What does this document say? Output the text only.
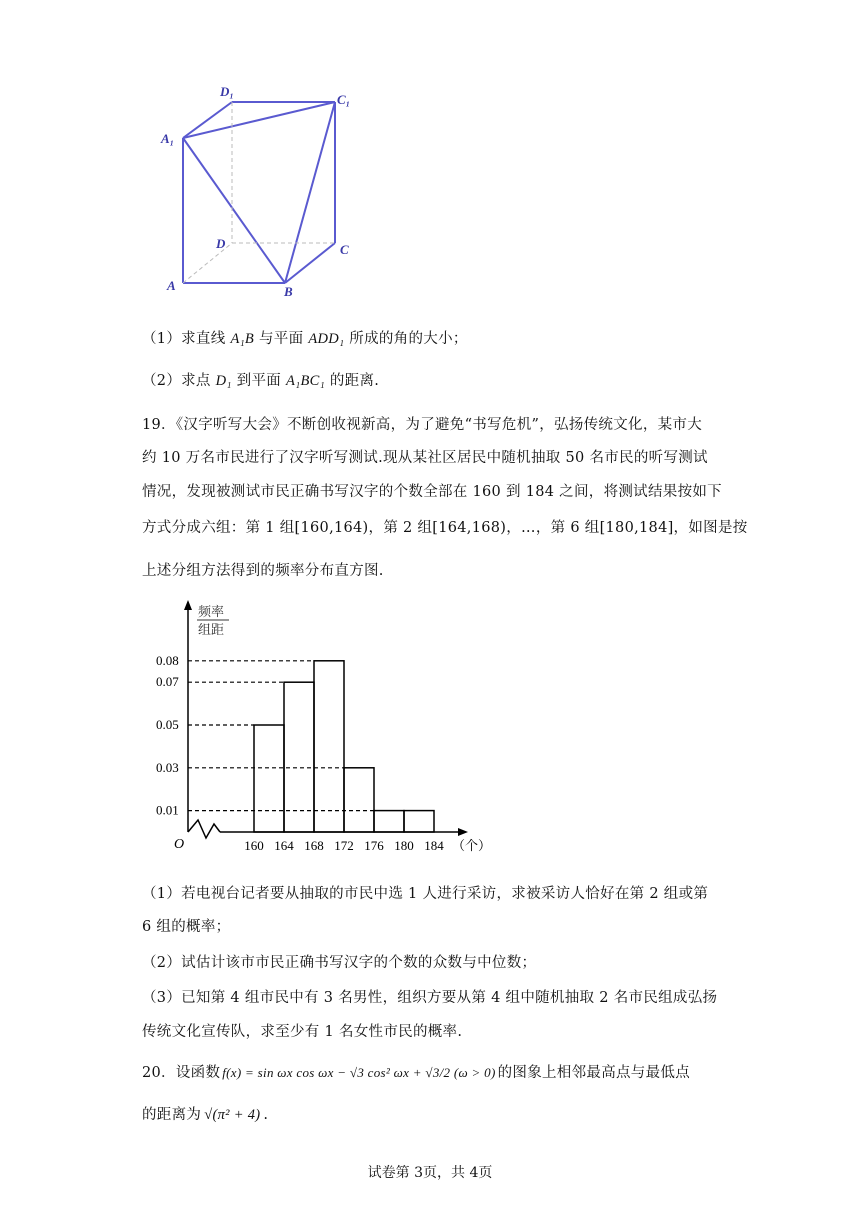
D₁
C₁
A₁
D	C
A	B
（1）求直线 A₁B 与平面 ADD₁ 所成的角的大小；
（2）求点 D₁ 到平面 A₁BC₁ 的距离.
19．《汉字听写大会》不断创收视新高，为了避免“书写危机”，弘扬传统文化，某市大
约 10 万名市民进行了汉字听写测试.现从某社区居民中随机抽取 50 名市民的听写测试
情况，发现被测试市民正确书写汉字的个数全部在 160 到 184 之间，将测试结果按如下
方式分成六组：第 1 组[160,164)，第 2 组[164,168)，…，第 6 组[180,184]，如图是按
上述分组方法得到的频率分布直方图.
频率
组距
O	（个）
0.08
0.07
0.05
0.03
0.01
160 164 168 172 176 180 184
（1）若电视台记者要从抽取的市民中选 1 人进行采访，求被采访人恰好在第 2 组或第
6 组的概率；
（2）试估计该市市民正确书写汉字的个数的众数与中位数；
（3）已知第 4 组市民中有 3 名男性，组织方要从第 4 组中随机抽取 2 名市民组成弘扬
传统文化宣传队，求至少有 1 名女性市民的概率.
20．设函数 f(x) = sin ωx cos ωx − √3 cos² ωx + √3/2 (ω > 0) 的图象上相邻最高点与最低点
的距离为 √(π² + 4) .
试卷第 3页，共 4页
